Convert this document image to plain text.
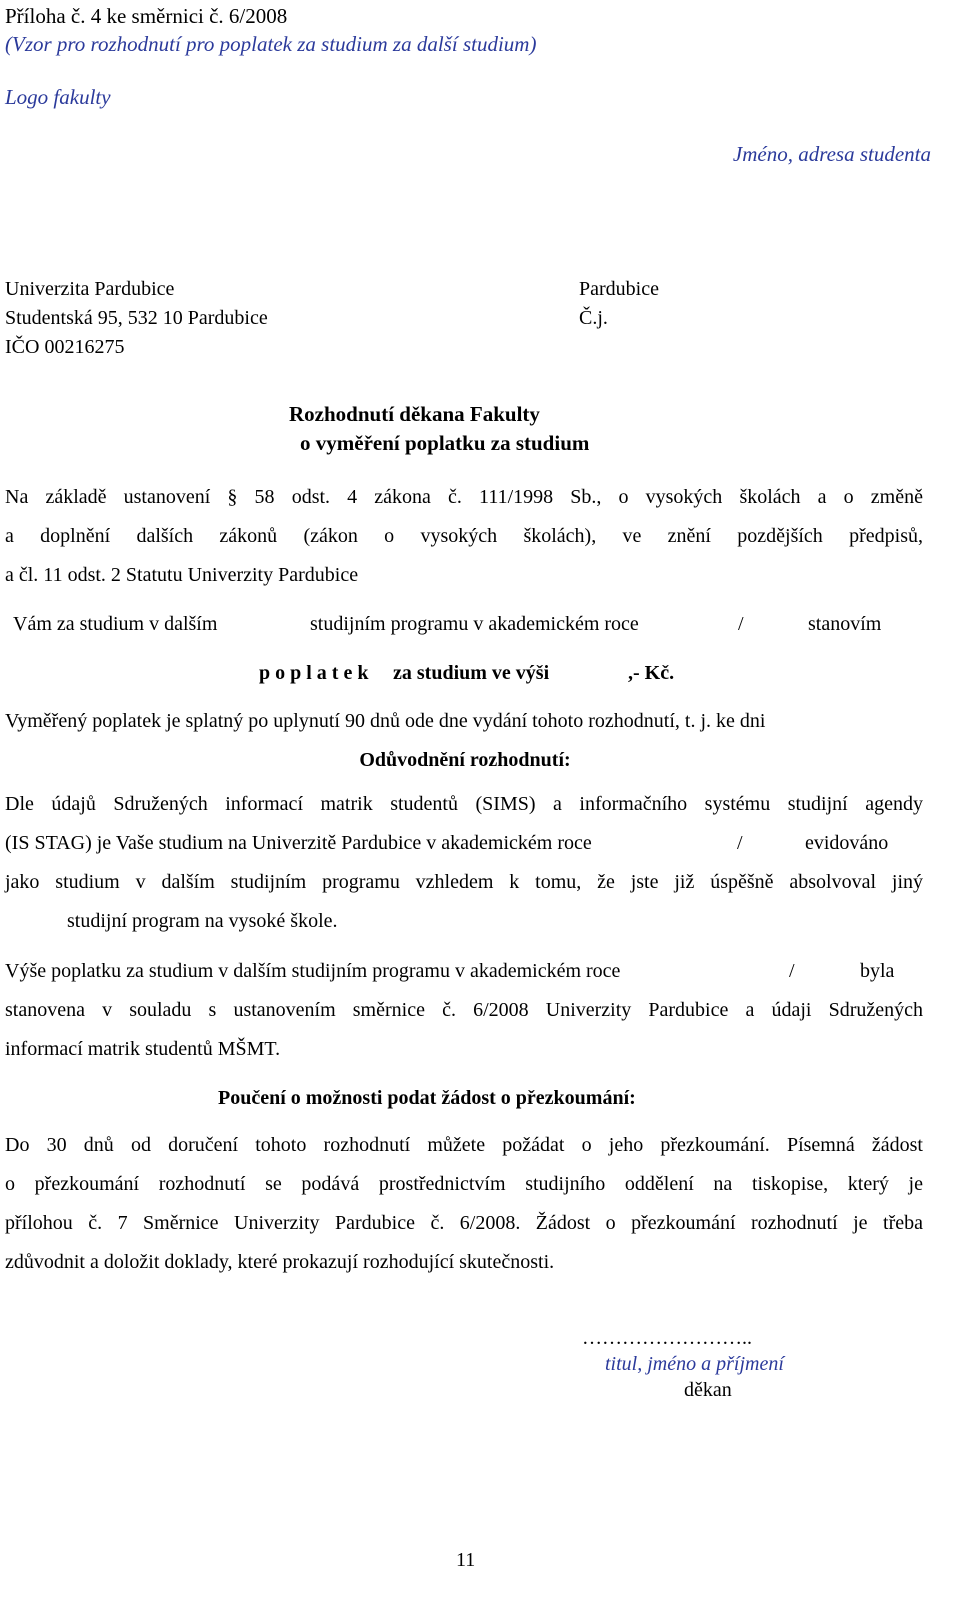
Příloha č. 4 ke směrnici č. 6/2008
(Vzor pro rozhodnutí pro poplatek za studium za další studium)
Logo fakulty
Jméno, adresa studenta
Univerzita Pardubice
Studentská 95, 532 10 Pardubice
IČO 00216275
Pardubice
Č.j.
Rozhodnutí děkana Fakulty
o vyměření poplatku za studium
Na základě ustanovení § 58 odst. 4 zákona č. 111/1998 Sb., o vysokých školách a o změně
a doplnění dalších zákonů (zákon o vysokých školách), ve znění pozdějších předpisů,
a čl. 11 odst. 2 Statutu Univerzity Pardubice
Vám za studium v dalším	studijním programu v akademickém roce	/	stanovím
p o p l a t e k za studium ve výši	,- Kč.
Vyměřený poplatek je splatný po uplynutí 90 dnů ode dne vydání tohoto rozhodnutí, t. j. ke dni
Odůvodnění rozhodnutí:
Dle údajů Sdružených informací matrik studentů (SIMS) a informačního systému studijní agendy
(IS STAG) je Vaše studium na Univerzitě Pardubice v akademickém roce	/	evidováno
jako studium v dalším studijním programu vzhledem k tomu, že jste již úspěšně absolvoval jiný
studijní program na vysoké škole.
Výše poplatku za studium v dalším studijním programu v akademickém roce	/	byla
stanovena v souladu s ustanovením směrnice č. 6/2008 Univerzity Pardubice a údaji Sdružených
informací matrik studentů MŠMT.
Poučení o možnosti podat žádost o přezkoumání:
Do 30 dnů od doručení tohoto rozhodnutí můžete požádat o jeho přezkoumání. Písemná žádost
o přezkoumání rozhodnutí se podává prostřednictvím studijního oddělení na tiskopise, který je
přílohou č. 7 Směrnice Univerzity Pardubice č. 6/2008. Žádost o přezkoumání rozhodnutí je třeba
zdůvodnit a doložit doklady, které prokazují rozhodující skutečnosti.
……………………..
titul, jméno a příjmení
děkan
11
